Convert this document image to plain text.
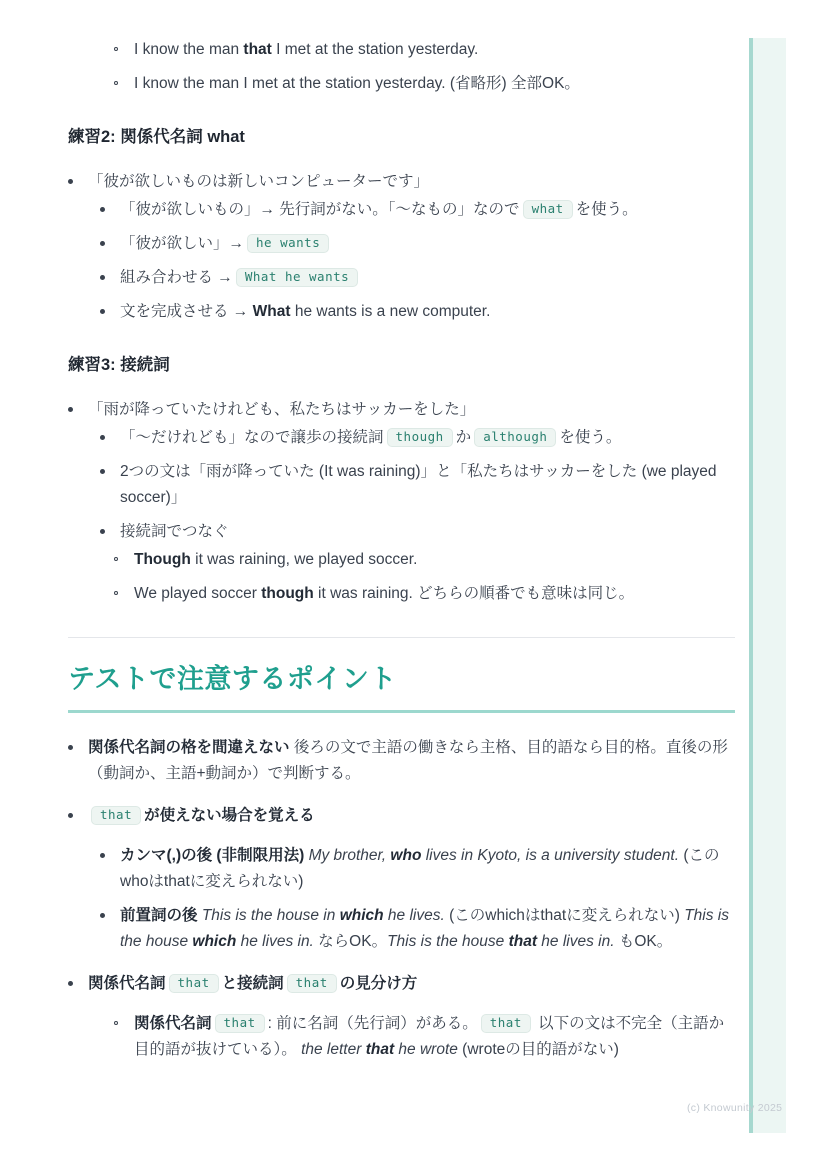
I know the man that I met at the station yesterday.
I know the man I met at the station yesterday. (省略形) 全部OK。
練習2: 関係代名詞 what
「彼が欲しいものは新しいコンピューターです」
「彼が欲しいもの」→ 先行詞がない。「〜なもの」なので what を使う。
「彼が欲しい」→ he wants
組み合わせる → What he wants
文を完成させる → What he wants is a new computer.
練習3: 接続詞
「雨が降っていたけれども、私たちはサッカーをした」
「〜だけれども」なので譲歩の接続詞 though か although を使う。
2つの文は「雨が降っていた (It was raining)」と「私たちはサッカーをした (we played soccer)」
接続詞でつなぐ
Though it was raining, we played soccer.
We played soccer though it was raining. どちらの順番でも意味は同じ。
テストで注意するポイント
関係代名詞の格を間違えない 後ろの文で主語の働きなら主格、目的語なら目的格。直後の形（動詞か、主語+動詞か）で判断する。
that が使えない場合を覚える
カンマ(,)の後 (非制限用法) My brother, who lives in Kyoto, is a university student. (このwhoはthatに変えられない)
前置詞の後 This is the house in which he lives. (このwhichはthatに変えられない) This is the house which he lives in. ならOK。This is the house that he lives in. もOK。
関係代名詞 that と接続詞 that の見分け方
関係代名詞 that : 前に名詞（先行詞）がある。 that 以下の文は不完全（主語か目的語が抜けている）。 the letter that he wrote (wroteの目的語がない)
(c) Knowunity 2025
